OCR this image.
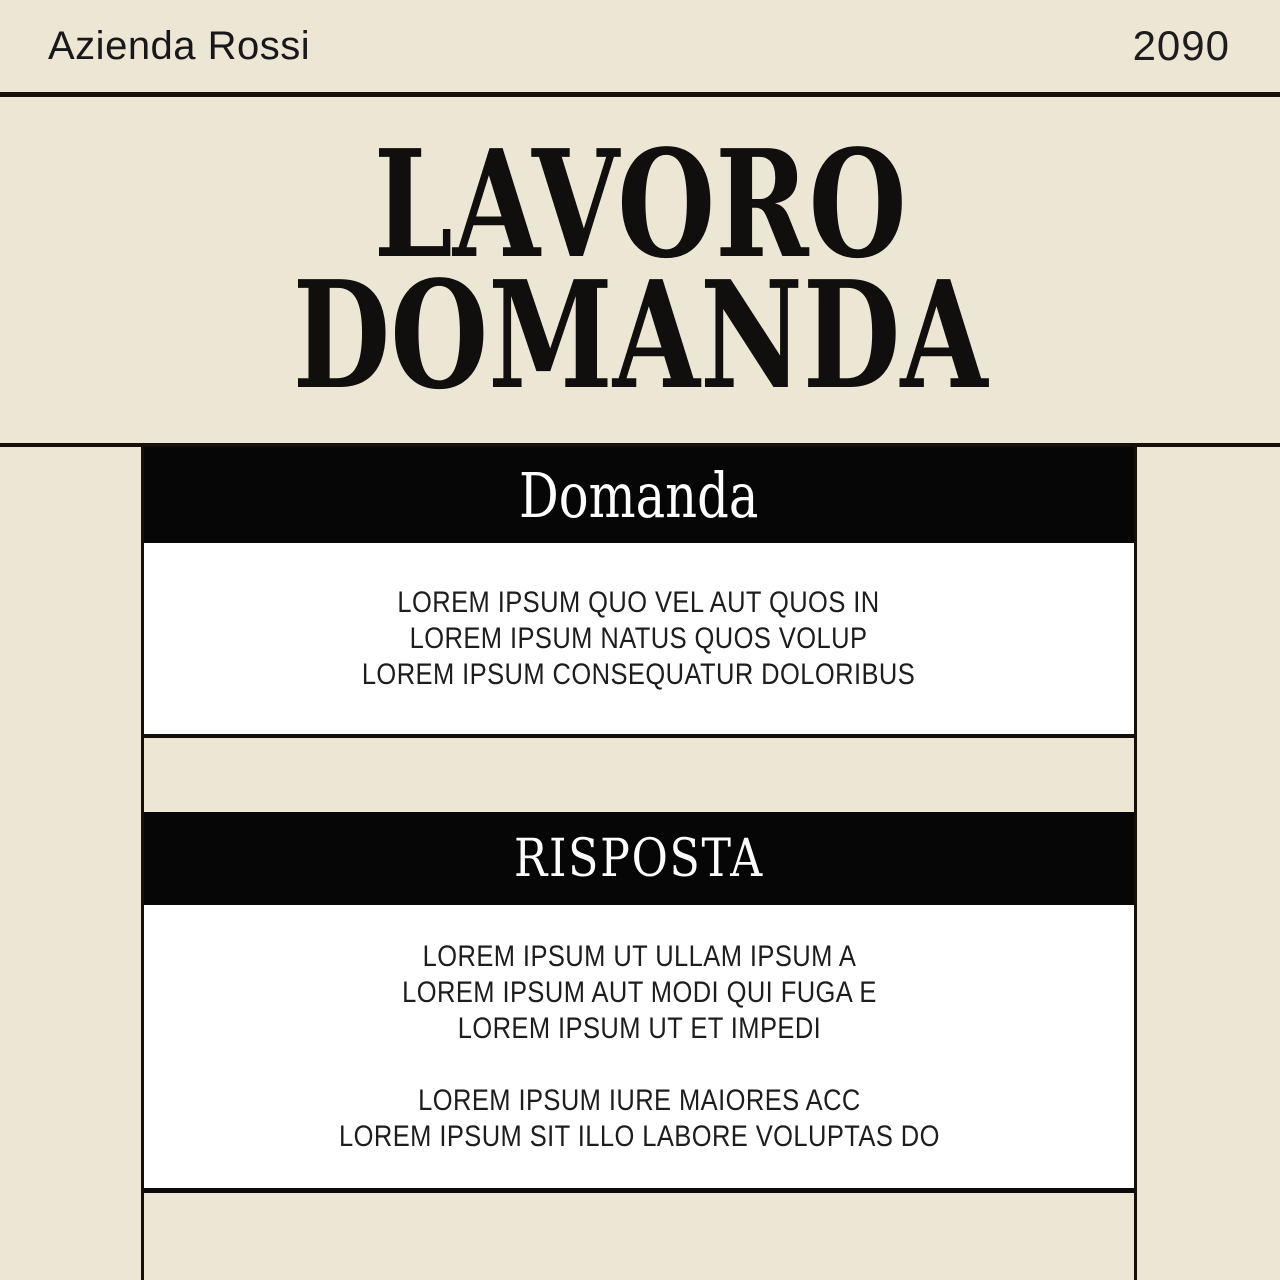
Azienda Rossi	2090
LAVORO
DOMANDA
Domanda
LOREM IPSUM QUO VEL AUT QUOS IN
LOREM IPSUM NATUS QUOS VOLUP
LOREM IPSUM CONSEQUATUR DOLORIBUS
RISPOSTA
LOREM IPSUM UT ULLAM IPSUM A
LOREM IPSUM AUT MODI QUI FUGA E
LOREM IPSUM UT ET IMPEDI
LOREM IPSUM IURE MAIORES ACC
LOREM IPSUM SIT ILLO LABORE VOLUPTAS DO
